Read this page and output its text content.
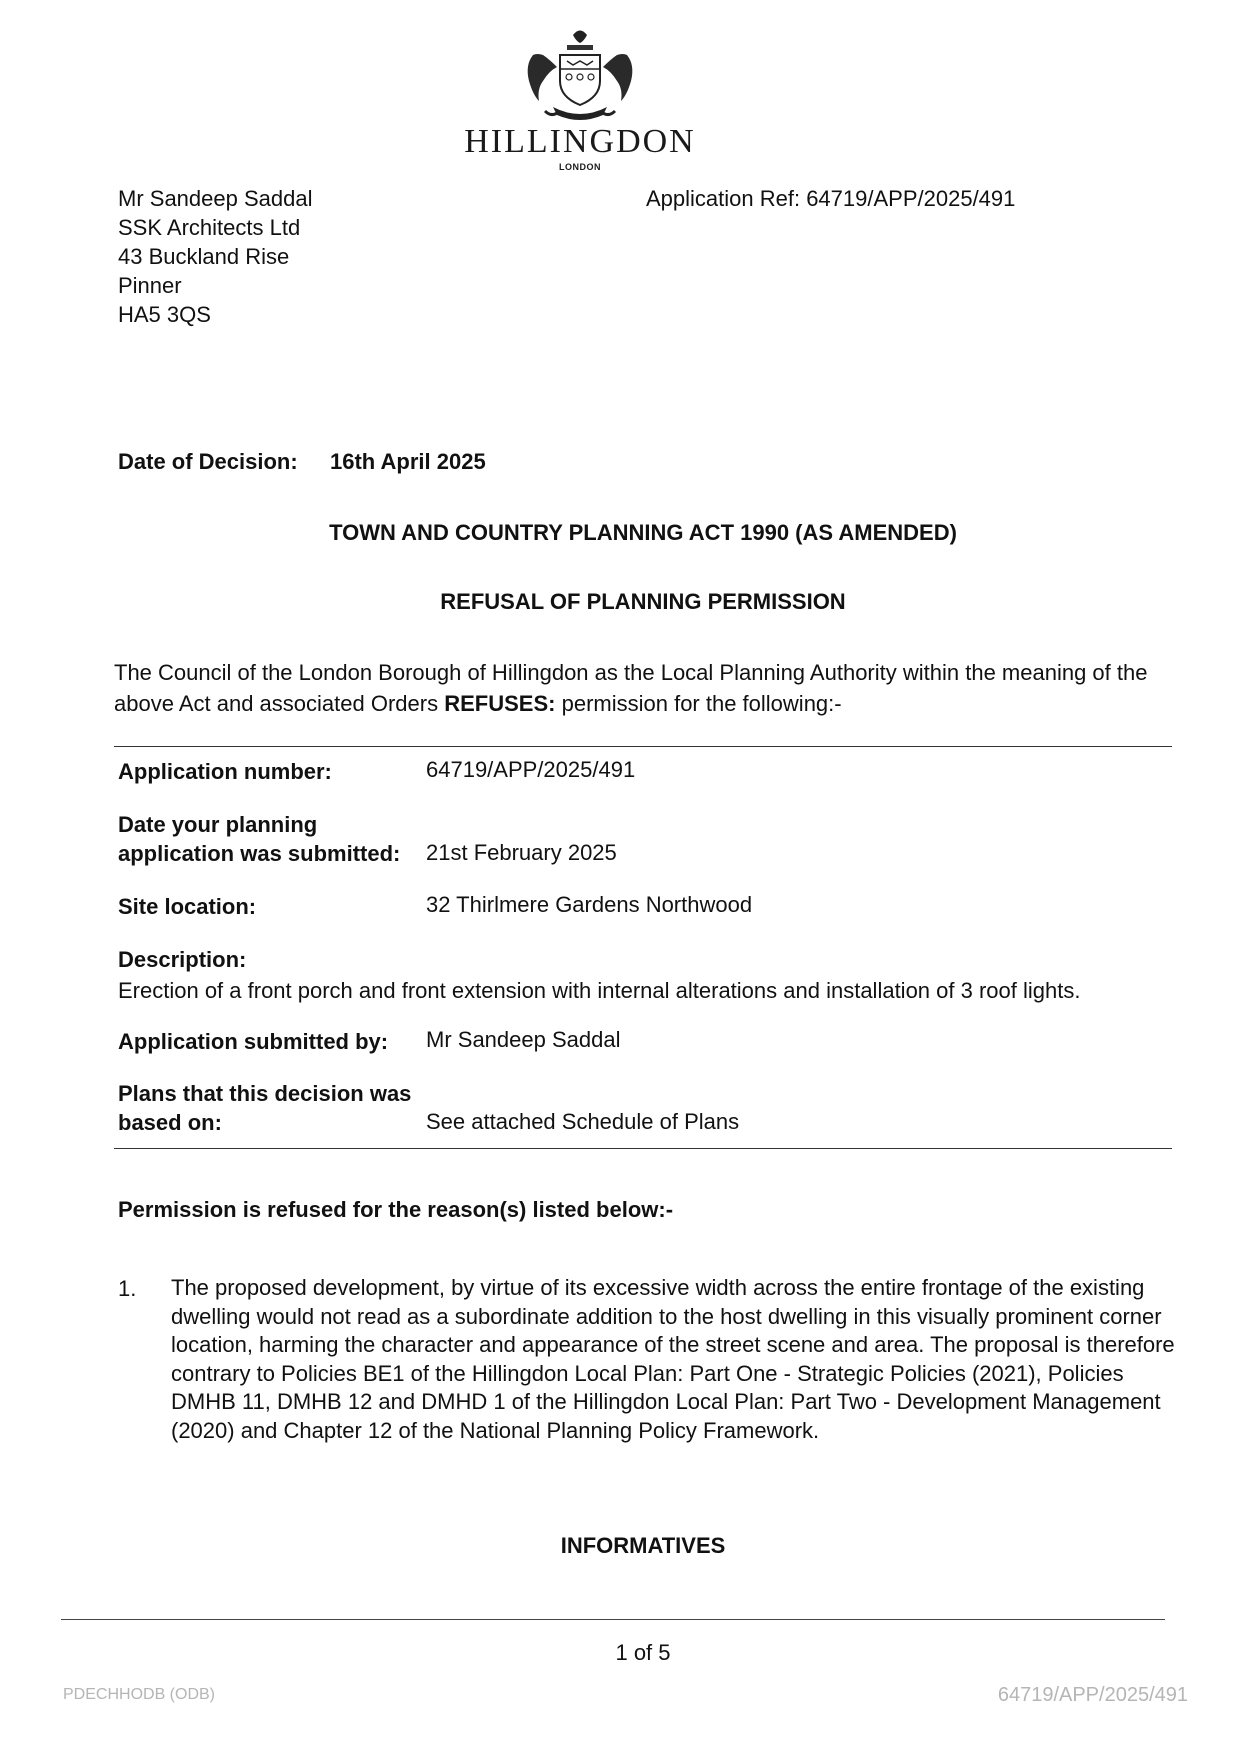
HILLINGDON
LONDON
Mr Sandeep Saddal
SSK Architects Ltd
43 Buckland Rise
Pinner
HA5 3QS
Application Ref: 64719/APP/2025/491
Date of Decision: 16th April 2025
TOWN AND COUNTRY PLANNING ACT 1990 (AS AMENDED)
REFUSAL OF PLANNING PERMISSION
The Council of the London Borough of Hillingdon as the Local Planning Authority within the meaning of the above Act and associated Orders REFUSES: permission for the following:-
Application number:	64719/APP/2025/491
Date your planning
application was submitted: 21st February 2025
Site location:	32 Thirlmere Gardens Northwood
Description:
Erection of a front porch and front extension with internal alterations and installation of 3 roof lights.
Application submitted by: Mr Sandeep Saddal
Plans that this decision was
based on:	See attached Schedule of Plans
Permission is refused for the reason(s) listed below:-
1. The proposed development, by virtue of its excessive width across the entire frontage of the existing dwelling would not read as a subordinate addition to the host dwelling in this visually prominent corner location, harming the character and appearance of the street scene and area. The proposal is therefore contrary to Policies BE1 of the Hillingdon Local Plan: Part One - Strategic Policies (2021), Policies DMHB 11, DMHB 12 and DMHD 1 of the Hillingdon Local Plan: Part Two - Development Management (2020) and Chapter 12 of the National Planning Policy Framework.
INFORMATIVES
1 of 5
PDECHHODB (ODB)	64719/APP/2025/491
